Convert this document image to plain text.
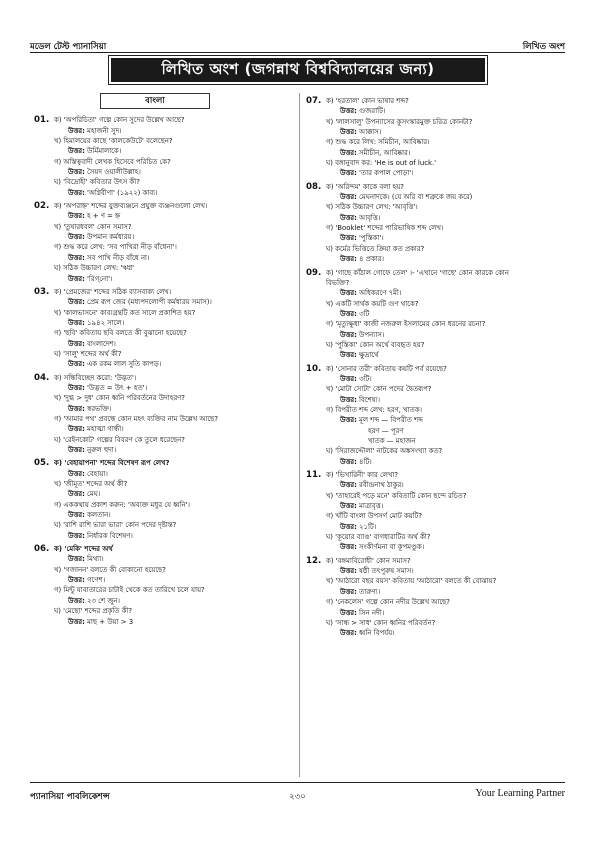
মডেল টেস্ট প্যানাসিয়া	লিখিত অংশ
লিখিত অংশ (জগন্নাথ বিশ্ববিদ্যালয়ের জন্য)
বাংলা
01. ক) 'অপরিচিতা' গল্পে কোন সুদের উল্লেখ আছে?
উত্তর: মহাজনী সুদ।
খ) হিমালয়ের কাছে 'কালকেউটে' বলেছেন?
উত্তর: উর্মিমালাকে।
গ) অস্তিত্ববাদী লেখক হিসেবে পরিচিত কে?
উত্তর: সৈয়দ ওয়ালীউল্লাহ।
ঘ) 'বিদ্রোহী' কবিতার উৎস কী?
উত্তর: 'অগ্নিবীণা' (১৯২২) কাব্য।
02. ক) 'অপরাহ্ন' শব্দের যুক্তব্যঞ্জনে প্রযুক্ত ব্যঞ্জনগুলো লেখ।
উত্তর: হ + ণ = হ্ন
খ) 'তুষারধবল' কোন সমাস?
উত্তর: উপমান কর্মধারয়।
গ) শুদ্ধ করে লেখ: 'সব পাখিরা নীড় বাঁধেনা'।
উত্তর: সব পাখি নীড় বাঁধে না।
ঘ) সঠিক উচ্চারণ লেখ: 'ঋগ্ন'
উত্তর: 'রিগ্‌নো'।
03. ক) 'প্রেমজের' শব্দের সঠিক ব্যাসবাক্য লেখ।
উত্তর: প্রেম রূপ জের (মধ্যপদলোপী কর্মধারয় সমাস)।
খ) 'কালভাসনে' কাব্যগ্রন্থটি কত সালে প্রকাশিত হয়?
উত্তর: ১৯৪২ সালে।
গ) 'ছবি' কবিতায় ছবি বলতে কী বুঝানো হয়েছে?
উত্তর: বাংলাদেশ।
ঘ) 'সালু' শব্দের অর্থ কী?
উত্তর: এক রকম লাল সুতি কাপড়।
04. ক) সন্ধিবিচ্ছেদ করো: 'উদ্ভত'।
উত্তর: 'উদ্ভত = উৎ + হত'।
খ) 'দুগ্ধ > দুধ' কোন ধ্বনি পরিবর্তনের উদাহরণ?
উত্তর: স্বরভক্তি।
গ) 'আমার পথ' প্রবন্ধে কোন মহৎ ব্যক্তির নাম উল্লেখ আছে?
উত্তর: মহাত্মা গান্ধী।
ঘ) 'রেইনকোট' গল্পের বিবরণ কে তুলে ধরেছেন?
উত্তর: নুরুল হুদা।
05. ক) 'বেহায়াপনা' শব্দের বিশেষণ রূপ লেখ?
উত্তর: বেহায়া।
খ) 'জীমূত' শব্দের অর্থ কী?
উত্তর: মেঘ।
গ) এককথায় প্রকাশ করুন: 'অব্যক্ত মধুর যে ধ্বনি'।
উত্তর: কলতান।
ঘ) 'রাশি রাশি ভারা ভারা' কোন পদের দৃষ্টান্ত?
উত্তর: নির্ধারক বিশেষণ।
06. ক) 'মেকি' শব্দের অর্থ
উত্তর: মিথ্যা।
খ) 'গজানন' বলতে কী বোকানো হয়েছে?
উত্তর: গণেশ।
গ) মিন্টু যাবাতারের চাটাই থেকে কত তারিখে চলে যায়?
উত্তর: ২৩ শে জুন।
ঘ) 'মেছো' শব্দের প্রকৃতি কী?
উত্তর: মাছ + উয়া > 3
07. ক) 'হরতাল' কোন ভাষার শব্দ?
উত্তর: গুজরাটি।
খ) 'লালসালু' উপন্যাসের কুসংস্কারমুক্ত চরিত্র কোনটা?
উত্তর: আক্কাস।
গ) শুদ্ধ করে লিখ: সমিচীন, আবিষ্কার।
উত্তর: সমীচীন, আবিষ্কার।
ঘ) বঙ্গানুবাদ কর: 'He is out of luck.'
উত্তর: 'তার কপাল পোড়া'।
08. ক) 'অরিন্দম' কাকে বলা হয়?
উত্তর: মেঘনাদকে। (যে অরি বা শত্রুকে জয় করে)
খ) সঠিক উচ্চারণ লেখ: 'আবৃত্তি'।
উত্তর: আবৃত্তি।
গ) 'Booklet' শব্দের পারিভাষিক শব্দ লেখ।
উত্তর: 'পুস্তিকা'।
ঘ) কর্মের ভিত্তিতে ক্রিয়া কত প্রকার?
উত্তর: ৪ প্রকার।
09. ক) 'গাছে কাঁঠাল গোফে তেল' ।- 'এখানে 'গাছে' কোন কারকে কোন
বিভক্তি?
উত্তর: অধিকরণে ৭মী।
খ) একটি সার্থক কয়টি গুণ থাকে?
উত্তর: ৩টি
গ) 'মৃত্যুক্ষুধা' কাজী নজরুল ইসলামের কোন ধরনের রচনা?
উত্তর: উপন্যাস।
ঘ) 'পুস্তিকা' কোন অর্থে ব্যবহৃত হয়?
উত্তর: ক্ষুদ্রার্থে
10. ক) 'সোনার তরী' কবিতায় কয়টি পর্ব রয়েছে?
উত্তর: ৩টি।
খ) 'মোটা সোটা' কোন পদের দ্বৈতরূপ?
উত্তর: বিশেষ্য।
গ) বিপরীত শব্দ লেখ: হরণ, খাতক।
উত্তর: মূল শব্দ — বিপরীত শব্দ
হরণ — পূরণ
খাতক — মহাজন
ঘ) 'সিরাজদ্দৌলা' নাটকের অঙ্কসংখ্যা কত?
উত্তর: ৪টি।
11. ক) 'ভিখারিনী' কার লেখা?
উত্তর: রবীন্দ্রনাথ ঠাকুর।
খ) 'তাহারেই পড়ে মনে' কবিতাটি কোন ছন্দে রচিত?
উত্তর: মাত্রাবৃত্ত।
গ) খাঁটি বাংলা উপসর্গ মোট কয়টি?
উত্তর: ২১টি।
ঘ) 'কূয়োর ব্যাঙ' বাগধারাটির অর্থ কী?
উত্তর: সংকীর্ণমনা বা কূপমণ্ডুক।
12. ক) 'বঙ্গমাবিরোধী' কোন সমাস?
উত্তর: ষষ্ঠী তৎপুরুষ সমাস।
খ) 'আঠারো বছর বয়স' কবিতায় 'আঠারো' বলতে কী বোঝায়?
উত্তর: তারুণ্য।
গ) 'নেকলেস' গল্পে কোন নদীর উল্লেখ আছে?
উত্তর: সিন নদী।
ঘ) 'সান্ধ > সাধ' কোন ধ্বনির পরিবর্তন?
উত্তর: ধ্বনি বিপর্যয়।
প্যানাসিয়া পাবলিকেশন্স	২৩০	Your Learning Partner
